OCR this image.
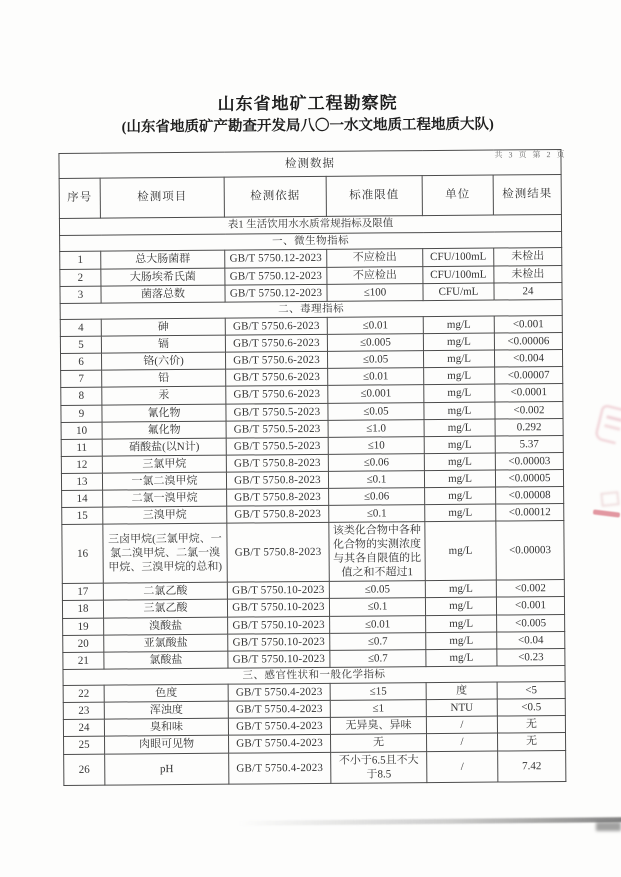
山东省地矿工程勘察院
(山东省地质矿产勘查开发局八〇一水文地质工程地质大队)
共 3 页 第 2 页
检测数据					
序号	检测项目	检测依据	标准限值	单位	检测结果
表1 生活饮用水水质常规指标及限值					
一、微生物指标					
1	总大肠菌群	GB/T 5750.12-2023	不应检出	CFU/100mL	未检出
2	大肠埃希氏菌	GB/T 5750.12-2023	不应检出	CFU/100mL	未检出
3	菌落总数	GB/T 5750.12-2023	≤100	CFU/mL	24
二、毒理指标					
4	砷	GB/T 5750.6-2023	≤0.01	mg/L	<0.001
5	镉	GB/T 5750.6-2023	≤0.005	mg/L	<0.00006
6	铬(六价)	GB/T 5750.6-2023	≤0.05	mg/L	<0.004
7	铅	GB/T 5750.6-2023	≤0.01	mg/L	<0.00007
8	汞	GB/T 5750.6-2023	≤0.001	mg/L	<0.0001
9	氰化物	GB/T 5750.5-2023	≤0.05	mg/L	<0.002
10	氟化物	GB/T 5750.5-2023	≤1.0	mg/L	0.292
11	硝酸盐(以N计)	GB/T 5750.5-2023	≤10	mg/L	5.37
12	三氯甲烷	GB/T 5750.8-2023	≤0.06	mg/L	<0.00003
13	一氯二溴甲烷	GB/T 5750.8-2023	≤0.1	mg/L	<0.00005
14	二氯一溴甲烷	GB/T 5750.8-2023	≤0.06	mg/L	<0.00008
15	三溴甲烷	GB/T 5750.8-2023	≤0.1	mg/L	<0.00012
16	三卤甲烷(三氯甲烷、一氯二溴甲烷、二氯一溴甲烷、三溴甲烷的总和)	GB/T 5750.8-2023	该类化合物中各种化合物的实测浓度与其各自限值的比值之和不超过1	mg/L	<0.00003
17	二氯乙酸	GB/T 5750.10-2023	≤0.05	mg/L	<0.002
18	三氯乙酸	GB/T 5750.10-2023	≤0.1	mg/L	<0.001
19	溴酸盐	GB/T 5750.10-2023	≤0.01	mg/L	<0.005
20	亚氯酸盐	GB/T 5750.10-2023	≤0.7	mg/L	<0.04
21	氯酸盐	GB/T 5750.10-2023	≤0.7	mg/L	<0.23
三、感官性状和一般化学指标					
22	色度	GB/T 5750.4-2023	≤15	度	<5
23	浑浊度	GB/T 5750.4-2023	≤1	NTU	<0.5
24	臭和味	GB/T 5750.4-2023	无异臭、异味	/	无
25	肉眼可见物	GB/T 5750.4-2023	无	/	无
26	pH	GB/T 5750.4-2023	不小于6.5且不大于8.5	/	7.42
